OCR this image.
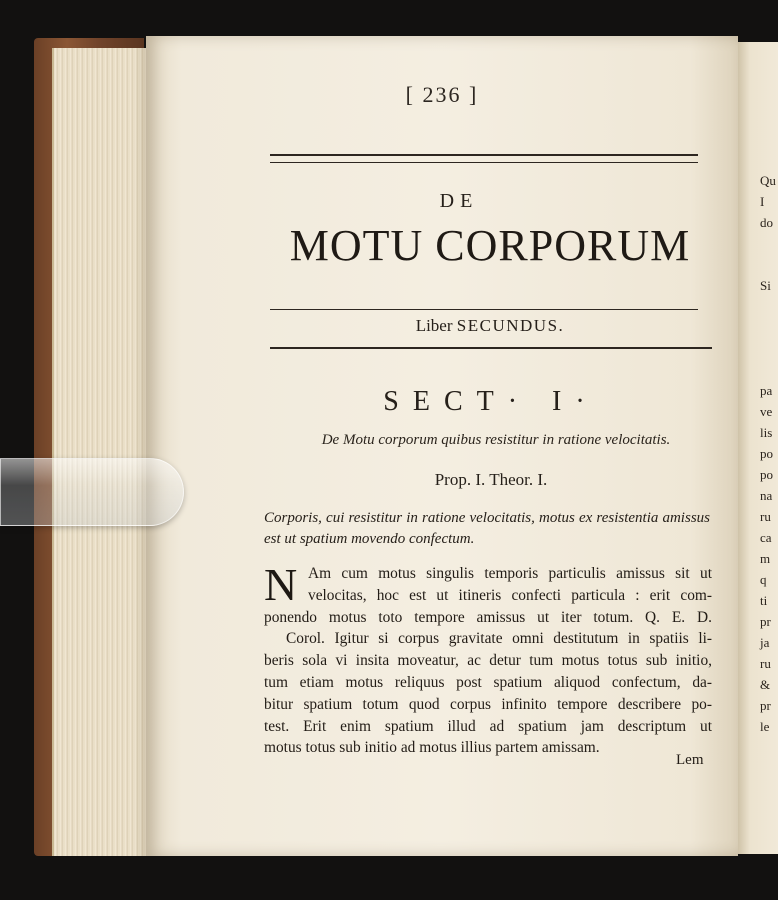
[ 236 ]
DE
MOTU CORPORUM
Liber SECUNDUS.
SECT· I·
De Motu corporum quibus resistitur in ratione velocitatis.
Prop. I. Theor. I.
Corporis, cui resistitur in ratione velocitatis, motus ex resistentia amissus est ut spatium movendo confectum.
N Am cum motus singulis temporis particulis amissus sit ut
velocitas, hoc est ut itineris confecti particula : erit com-
ponendo motus toto tempore amissus ut iter totum. Q. E. D.
Corol. Igitur si corpus gravitate omni destitutum in spatiis li-
beris sola vi insita moveatur, ac detur tum motus totus sub initio,
tum etiam motus reliquus post spatium aliquod confectum, da-
bitur spatium totum quod corpus infinito tempore describere po-
test. Erit enim spatium illud ad spatium jam descriptum ut
motus totus sub initio ad motus illius partem amissam.
Lem
Qu
I
do

Si

pa
ve
lis
po
po
na
ru
ca
m
q
ti
pr
ja
ru
&
pr
le
